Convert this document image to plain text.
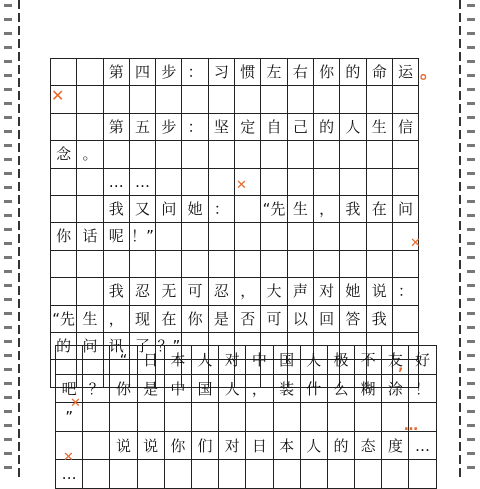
第 四 步 ： 习 惯 左 右 你 的 命 运
第 五 步 ： 坚 定 自 己 的 人 生 信
念 。
… …
我 又 问 她 ：	“先 生 ， 我 在 问
你 话 呢 ！”
我 忍 无 可 忍 ， 大 声 对 她 说 ：
“先 生 ， 现 在 你 是 否 可 以 回 答 我
的 问 讯 了 ？”
。
✕
✕
✕
“	日 本 人 对 中 国 人 极 不 友 好
吧 ？ 你 是 中 国 人 ， 装 什 么 糊 涂 ！
”
说 说 你 们 对 日 本 人 的 态 度 …
…
’
✕
…
✕
